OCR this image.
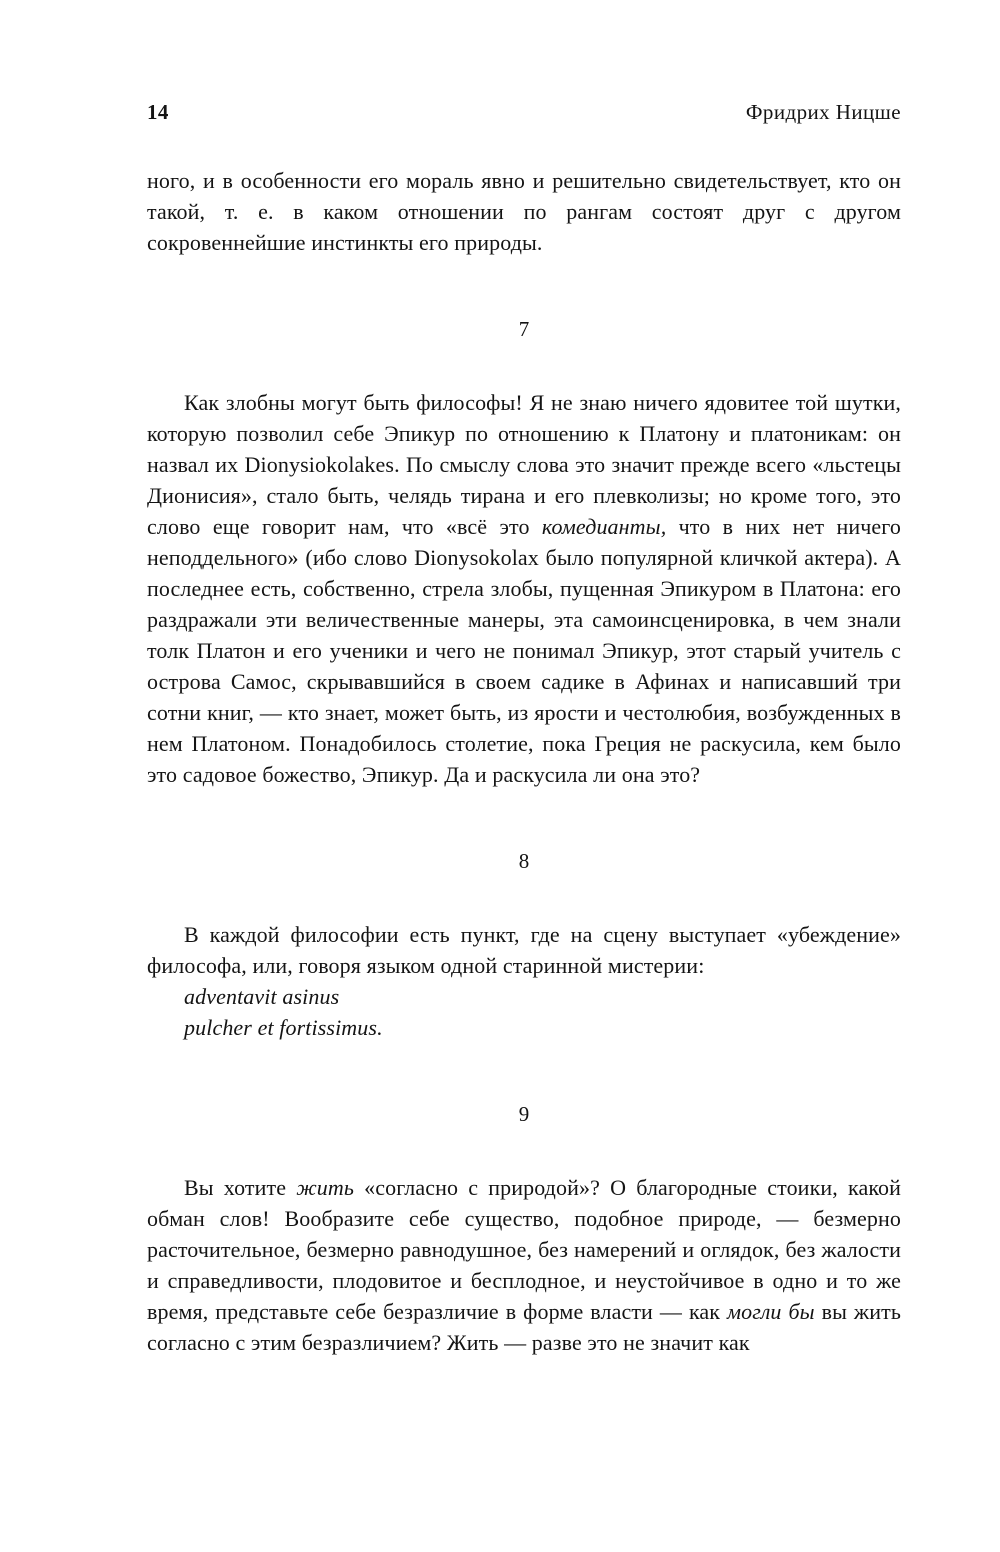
14	Фридрих Ницше

ного, и в особенности его мораль явно и решительно свидетельствует, кто он такой, т. е. в каком отношении по рангам состоят друг с другом сокровеннейшие инстинкты его природы.

7

Как злобны могут быть философы! Я не знаю ничего ядовитее той шутки, которую позволил себе Эпикур по отношению к Платону и платоникам: он назвал их Dionysiokolakes. По смыслу слова это значит прежде всего «льстецы Дионисия», стало быть, челядь тирана и его плевколизы; но кроме того, это слово еще говорит нам, что «всё это комедианты, что в них нет ничего неподдельного» (ибо слово Dionysokolax было популярной кличкой актера). А последнее есть, собственно, стрела злобы, пущенная Эпикуром в Платона: его раздражали эти величественные манеры, эта самоинсценировка, в чем знали толк Платон и его ученики и чего не понимал Эпикур, этот старый учитель с острова Самос, скрывавшийся в своем садике в Афинах и написавший три сотни книг, — кто знает, может быть, из ярости и честолюбия, возбужденных в нем Платоном. Понадобилось столетие, пока Греция не раскусила, кем было это садовое божество, Эпикур. Да и раскусила ли она это?

8

В каждой философии есть пункт, где на сцену выступает «убеждение» философа, или, говоря языком одной старинной мистерии:

adventavit asinus
pulcher et fortissimus.
9

Вы хотите жить «согласно с природой»? О благородные стоики, какой обман слов! Вообразите себе существо, подобное природе, — безмерно расточительное, безмерно равнодушное, без намерений и оглядок, без жалости и справедливости, плодовитое и бесплодное, и неустойчивое в одно и то же время, представьте себе безразличие в форме власти — как могли бы вы жить согласно с этим безразличием? Жить — разве это не значит как
